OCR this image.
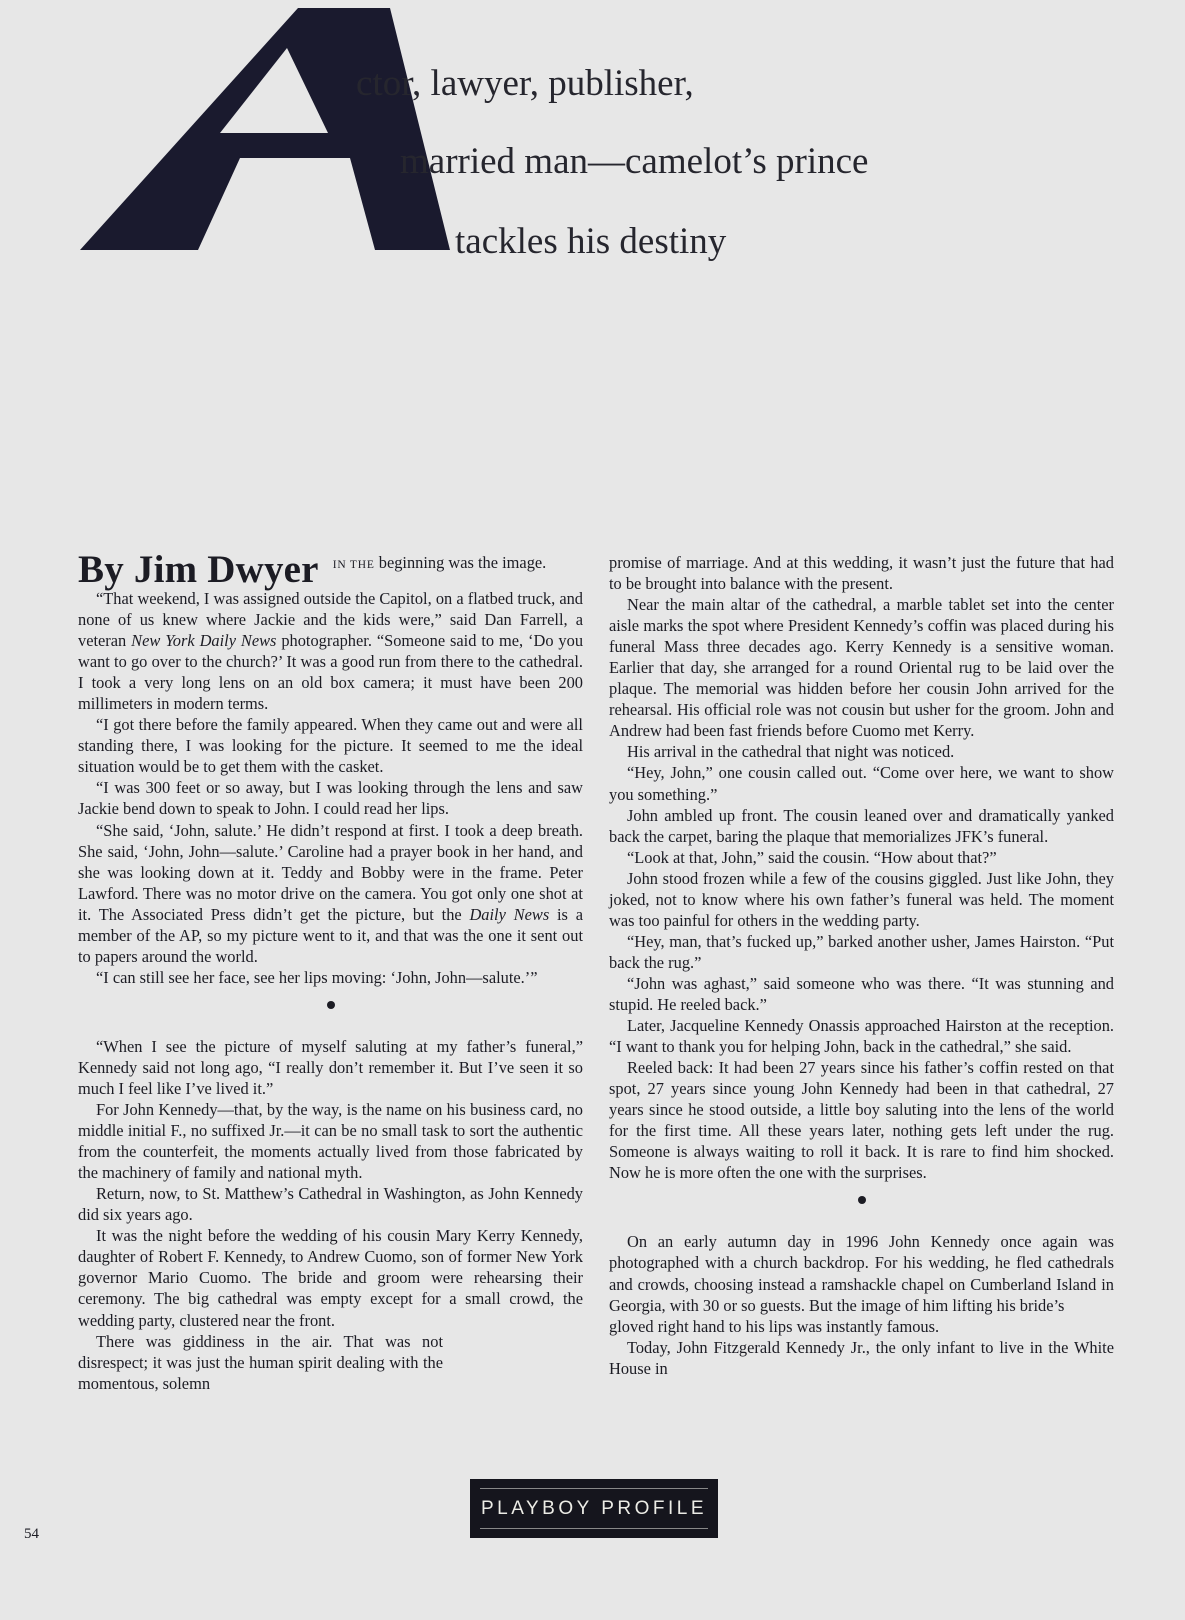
ctor, lawyer, publisher,
married man—camelot’s prince
tackles his destiny
By Jim Dwyer IN THE beginning was the image.

“That weekend, I was assigned outside the Capitol, on a flatbed truck, and none of us knew where Jackie and the kids were,” said Dan Farrell, a veteran New York Daily News photographer. “Someone said to me, ‘Do you want to go over to the church?’ It was a good run from there to the cathedral. I took a very long lens on an old box camera; it must have been 200 millimeters in modern terms.

“I got there before the family appeared. When they came out and were all standing there, I was looking for the picture. It seemed to me the ideal situation would be to get them with the casket.

“I was 300 feet or so away, but I was looking through the lens and saw Jackie bend down to speak to John. I could read her lips.

“She said, ‘John, salute.’ He didn’t respond at first. I took a deep breath. She said, ‘John, John—salute.’ Caroline had a prayer book in her hand, and she was looking down at it. Teddy and Bobby were in the frame. Peter Lawford. There was no motor drive on the camera. You got only one shot at it. The Associated Press didn’t get the picture, but the Daily News is a member of the AP, so my picture went to it, and that was the one it sent out to papers around the world.

“I can still see her face, see her lips moving: ‘John, John—salute.’”

“When I see the picture of myself saluting at my father’s funeral,” Kennedy said not long ago, “I really don’t remember it. But I’ve seen it so much I feel like I’ve lived it.”

For John Kennedy—that, by the way, is the name on his business card, no middle initial F., no suffixed Jr.—it can be no small task to sort the authentic from the counterfeit, the moments actually lived from those fabricated by the machinery of family and national myth.

Return, now, to St. Matthew’s Cathedral in Washington, as John Kennedy did six years ago.

It was the night before the wedding of his cousin Mary Kerry Kennedy, daughter of Robert F. Kennedy, to Andrew Cuomo, son of former New York governor Mario Cuomo. The bride and groom were rehearsing their ceremony. The big cathedral was empty except for a small crowd, the wedding party, clustered near the front.

There was giddiness in the air. That was not disrespect; it was just the human spirit dealing with the momentous, solemn

promise of marriage. And at this wedding, it wasn’t just the future that had to be brought into balance with the present.

Near the main altar of the cathedral, a marble tablet set into the center aisle marks the spot where President Kennedy’s coffin was placed during his funeral Mass three decades ago. Kerry Kennedy is a sensitive woman. Earlier that day, she arranged for a round Oriental rug to be laid over the plaque. The memorial was hidden before her cousin John arrived for the rehearsal. His official role was not cousin but usher for the groom. John and Andrew had been fast friends before Cuomo met Kerry.

His arrival in the cathedral that night was noticed.

“Hey, John,” one cousin called out. “Come over here, we want to show you something.”

John ambled up front. The cousin leaned over and dramatically yanked back the carpet, baring the plaque that memorializes JFK’s funeral.

“Look at that, John,” said the cousin. “How about that?”

John stood frozen while a few of the cousins giggled. Just like John, they joked, not to know where his own father’s funeral was held. The moment was too painful for others in the wedding party.

“Hey, man, that’s fucked up,” barked another usher, James Hairston. “Put back the rug.”

“John was aghast,” said someone who was there. “It was stunning and stupid. He reeled back.”

Later, Jacqueline Kennedy Onassis approached Hairston at the reception. “I want to thank you for helping John, back in the cathedral,” she said.

Reeled back: It had been 27 years since his father’s coffin rested on that spot, 27 years since young John Kennedy had been in that cathedral, 27 years since he stood outside, a little boy saluting into the lens of the world for the first time. All these years later, nothing gets left under the rug. Someone is always waiting to roll it back. It is rare to find him shocked. Now he is more often the one with the surprises.

On an early autumn day in 1996 John Kennedy once again was photographed with a church backdrop. For his wedding, he fled cathedrals and crowds, choosing instead a ramshackle chapel on Cumberland Island in Georgia, with 30 or so guests. But the image of him lifting his bride’s

gloved right hand to his lips was instantly famous.

Today, John Fitzgerald Kennedy Jr., the only infant to live in the White House in

PLAYBOY PROFILE
54
